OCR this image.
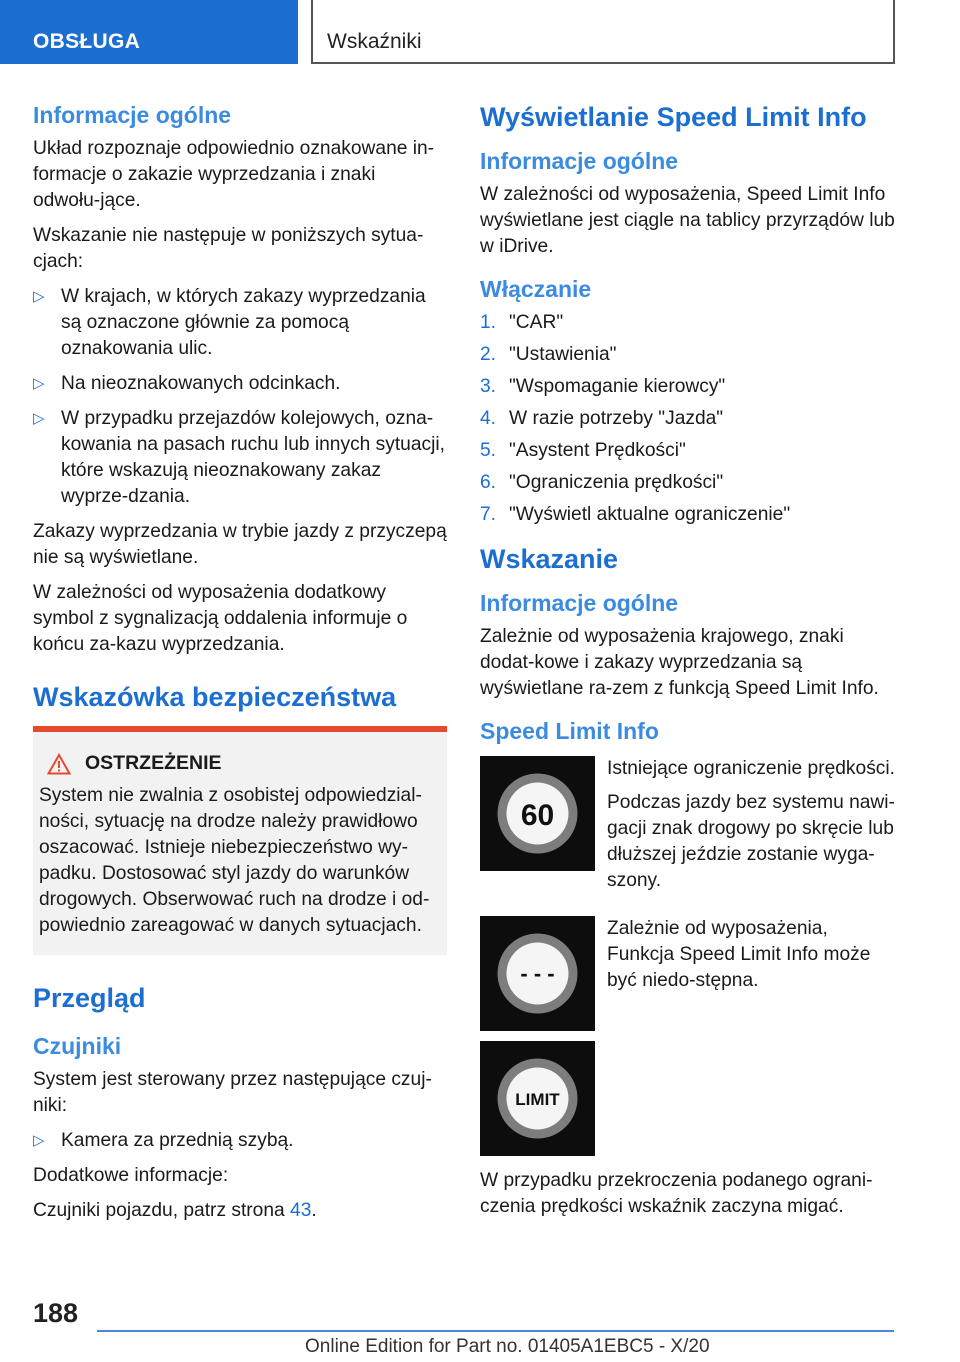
OBSŁUGA	Wskaźniki
Informacje ogólne

Układ rozpoznaje odpowiednio oznakowane in-formacje o zakazie wyprzedzania i znaki odwołu-jące.

Wskazanie nie następuje w poniższych sytua-cjach:

▷ W krajach, w których zakazy wyprzedzania są oznaczone głównie za pomocą oznakowania ulic.
▷ Na nieoznakowanych odcinkach.
▷ W przypadku przejazdów kolejowych, ozna-kowania na pasach ruchu lub innych sytuacji, które wskazują nieoznakowany zakaz wyprze-dzania.

Zakazy wyprzedzania w trybie jazdy z przyczepą nie są wyświetlane.

W zależności od wyposażenia dodatkowy symbol z sygnalizacją oddalenia informuje o końcu za-kazu wyprzedzania.

Wskazówka bezpieczeństwa
OSTRZEŻENIE

System nie zwalnia z osobistej odpowiedzial-ności, sytuację na drodze należy prawidłowo oszacować. Istnieje niebezpieczeństwo wy-padku. Dostosować styl jazdy do warunków drogowych. Obserwować ruch na drodze i od-powiednio zareagować w danych sytuacjach.

Przegląd
Czujniki

System jest sterowany przez następujące czuj-niki:

▷ Kamera za przednią szybą.

Dodatkowe informacje:

Czujniki pojazdu, patrz strona 43.

Wyświetlanie Speed Limit Info
Informacje ogólne

W zależności od wyposażenia, Speed Limit Info wyświetlane jest ciągle na tablicy przyrządów lub w iDrive.

Włączanie
1. "CAR"
2. "Ustawienia"
3. "Wspomaganie kierowcy"
4. W razie potrzeby "Jazda"
5. "Asystent Prędkości"
6. "Ograniczenia prędkości"
7. "Wyświetl aktualne ograniczenie"
Wskazanie
Informacje ogólne

Zależnie od wyposażenia krajowego, znaki dodat-kowe i zakazy wyprzedzania są wyświetlane ra-zem z funkcją Speed Limit Info.

Speed Limit Info
60

Istniejące ograniczenie prędkości.

Podczas jazdy bez systemu nawi-gacji znak drogowy po skręcie lub dłuższej jeździe zostanie wyga-szony.

- - -

Zależnie od wyposażenia, Funkcja Speed Limit Info może być niedo-stępna.

LIMIT

W przypadku przekroczenia podanego ograni-czenia prędkości wskaźnik zaczyna migać.

188
Online Edition for Part no. 01405A1EBC5 - X/20
